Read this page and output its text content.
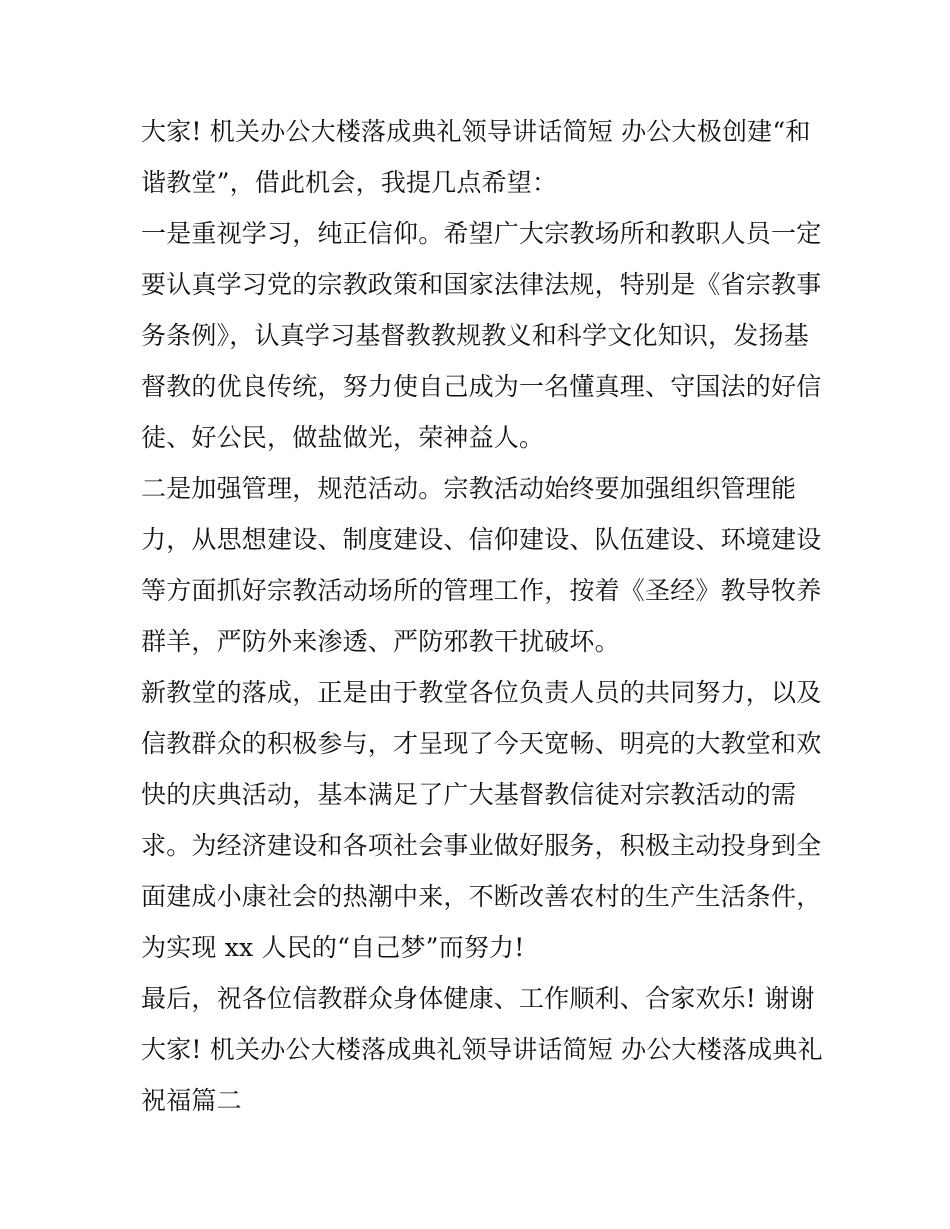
大家! 机关办公大楼落成典礼领导讲话简短 办公大极创建“和

谐教堂”，借此机会，我提几点希望：

一是重视学习，纯正信仰。希望广大宗教场所和教职人员一定

要认真学习党的宗教政策和国家法律法规，特别是《省宗教事

务条例》，认真学习基督教教规教义和科学文化知识，发扬基

督教的优良传统，努力使自己成为一名懂真理、守国法的好信

徒、好公民，做盐做光，荣神益人。

二是加强管理，规范活动。宗教活动始终要加强组织管理能

力，从思想建设、制度建设、信仰建设、队伍建设、环境建设

等方面抓好宗教活动场所的管理工作，按着《圣经》教导牧养

群羊，严防外来渗透、严防邪教干扰破坏。

新教堂的落成，正是由于教堂各位负责人员的共同努力，以及

信教群众的积极参与，才呈现了今天宽畅、明亮的大教堂和欢

快的庆典活动，基本满足了广大基督教信徒对宗教活动的需

求。为经济建设和各项社会事业做好服务，积极主动投身到全

面建成小康社会的热潮中来，不断改善农村的生产生活条件，

为实现 xx 人民的“自己梦”而努力!

最后，祝各位信教群众身体健康、工作顺利、合家欢乐! 谢谢

大家! 机关办公大楼落成典礼领导讲话简短 办公大楼落成典礼

祝福篇二
